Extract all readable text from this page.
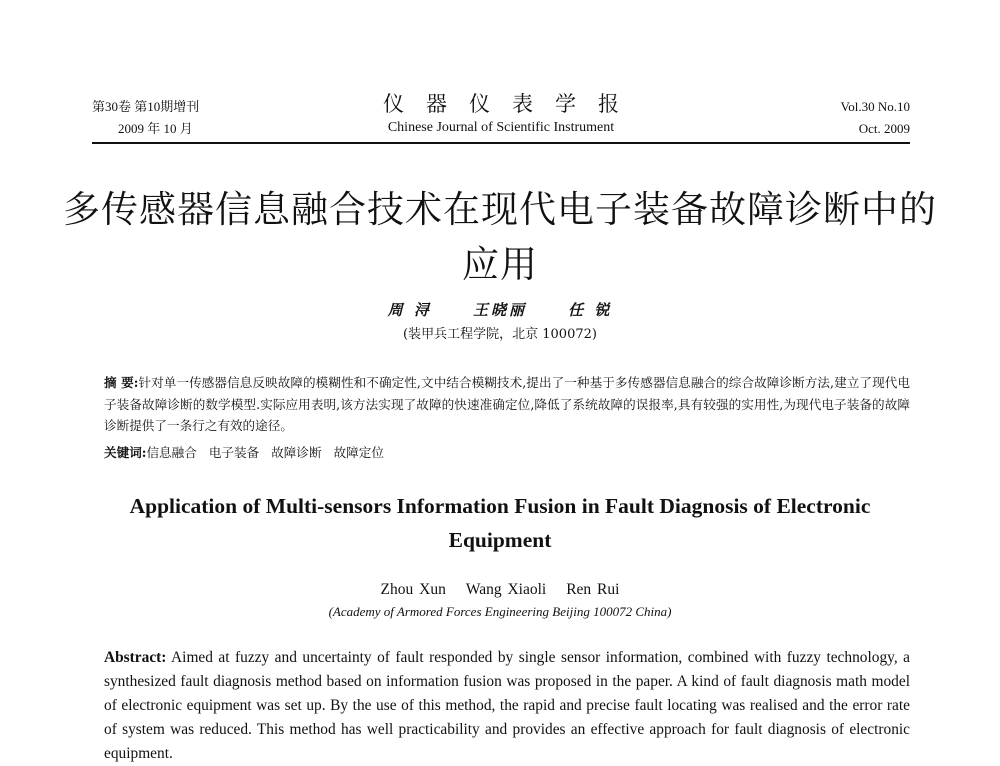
第30卷 第10期增刊
2009 年 10 月
仪器仪表学报
Chinese Journal of Scientific Instrument
Vol.30 No.10
Oct. 2009
多传感器信息融合技术在现代电子装备故障诊断中的应用
周 浔	王晓丽	任 锐
(装甲兵工程学院，北京 100072)
摘 要:针对单一传感器信息反映故障的模糊性和不确定性,文中结合模糊技术,提出了一种基于多传感器信息融合的综合故障诊断方法,建立了现代电子装备故障诊断的数学模型.实际应用表明,该方法实现了故障的快速准确定位,降低了系统故障的误报率,具有较强的实用性,为现代电子装备的故障诊断提供了一条行之有效的途径。
关键词:信息融合 电子装备 故障诊断 故障定位
Application of Multi-sensors Information Fusion in Fault Diagnosis of Electronic Equipment
Zhou Xun Wang Xiaoli Ren Rui
(Academy of Armored Forces Engineering Beijing 100072 China)
Abstract: Aimed at fuzzy and uncertainty of fault responded by single sensor information, combined with fuzzy technology, a synthesized fault diagnosis method based on information fusion was proposed in the paper. A kind of fault diagnosis math model of electronic equipment was set up. By the use of this method, the rapid and precise fault locating was realised and the error rate of system was reduced. This method has well practicability and provides an effective approach for fault diagnosis of electronic equipment.
